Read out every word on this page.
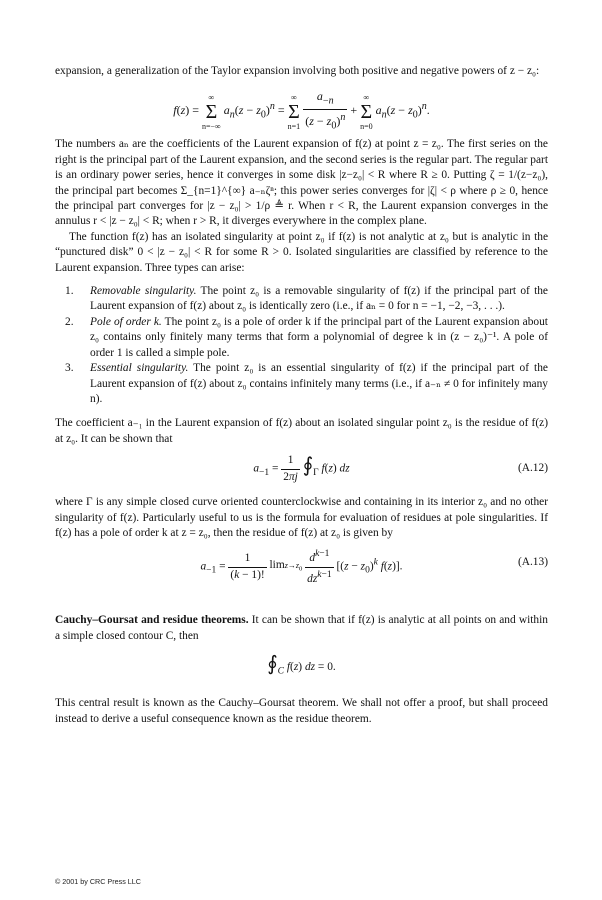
expansion, a generalization of the Taylor expansion involving both positive and negative powers of z − z₀:

f(z) = ∞
Σ
n=−∞ $a_n(z - z_0)^n$ = ∞
Σ
$n=1 \frac{a_{-n}}{(z - z_0)^n}$ + ∞
Σ
n=0 $a_n(z - z_0)^n$.

The numbers aₙ are the coefficients of the Laurent expansion of f(z) at point z = z₀. The first series on the right is the principal part of the Laurent expansion, and the second series is the regular part. The regular part is an ordinary power series, hence it converges in some disk |z−z₀| < R where R ≥ 0. Putting ζ = 1/(z−z₀), the principal part becomes Σ_{n=1}^{∞} a₋ₙζⁿ; this power series converges for |ζ| < ρ where ρ ≥ 0, hence the principal part converges for |z − z₀| > 1/ρ ≜ r. When r < R, the Laurent expansion converges in the annulus r < |z − z₀| < R; when r > R, it diverges everywhere in the complex plane.

The function f(z) has an isolated singularity at point z₀ if f(z) is not analytic at z₀ but is analytic in the “punctured disk” 0 < |z − z₀| < R for some R > 0. Isolated singularities are classified by reference to the Laurent expansion. Three types can arise:

1. Removable singularity. The point z₀ is a removable singularity of f(z) if the principal part of the Laurent expansion of f(z) about z₀ is identically zero (i.e., if aₙ = 0 for n = −1, −2, −3, . . .).
2. Pole of order k. The point z₀ is a pole of order k if the principal part of the Laurent expansion about z₀ contains only finitely many terms that form a polynomial of degree k in (z − z₀)⁻¹. A pole of order 1 is called a simple pole.
3. Essential singularity. The point z₀ is an essential singularity of f(z) if the principal part of the Laurent expansion of f(z) about z₀ contains infinitely many terms (i.e., if a₋ₙ ≠ 0 for infinitely many n).

The coefficient a₋₁ in the Laurent expansion of f(z) about an isolated singular point z₀ is the residue of f(z) at z₀. It can be shown that

$a_{-1} = \frac{1}{2\pi j}$ $∮_\Gamma$ f(z) dz	(A.12)

where Γ is any simple closed curve oriented counterclockwise and containing in its interior z₀ and no other singularity of f(z). Particularly useful to us is the formula for evaluation of residues at pole singularities. If f(z) has a pole of order k at z = z₀, then the residue of f(z) at z₀ is given by

$a_{-1} = \frac{1}{(k - 1)!} \lim z\to z_0 \frac{d^{k-1}}{dz^{k-1}} [(z - z_0)^k$ f(z)].	(A.13)

Cauchy–Goursat and residue theorems. It can be shown that if f(z) is analytic at all points on and within a simple closed contour C, then

$∮_C$ f(z) dz = 0.

This central result is known as the Cauchy–Goursat theorem. We shall not offer a proof, but shall proceed instead to derive a useful consequence known as the residue theorem.

© 2001 by CRC Press LLC
